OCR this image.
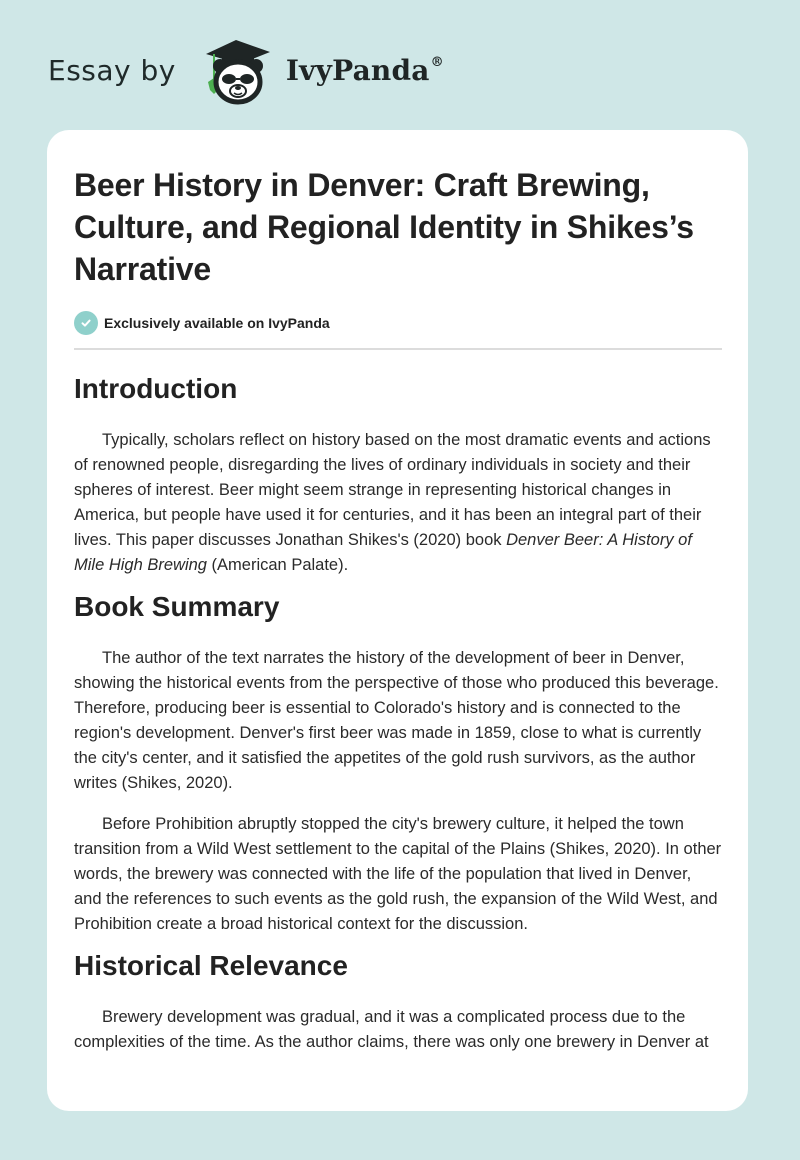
Essay by	IvyPanda®
Beer History in Denver: Craft Brewing, Culture, and Regional Identity in Shikes’s Narrative
Exclusively available on IvyPanda
Introduction

Typically, scholars reflect on history based on the most dramatic events and actions of renowned people, disregarding the lives of ordinary individuals in society and their spheres of interest. Beer might seem strange in representing historical changes in America, but people have used it for centuries, and it has been an integral part of their lives. This paper discusses Jonathan Shikes's (2020) book Denver Beer: A History of Mile High Brewing (American Palate).

Book Summary

The author of the text narrates the history of the development of beer in Denver, showing the historical events from the perspective of those who produced this beverage. Therefore, producing beer is essential to Colorado's history and is connected to the region's development. Denver's first beer was made in 1859, close to what is currently the city's center, and it satisfied the appetites of the gold rush survivors, as the author writes (Shikes, 2020).

Before Prohibition abruptly stopped the city's brewery culture, it helped the town transition from a Wild West settlement to the capital of the Plains (Shikes, 2020). In other words, the brewery was connected with the life of the population that lived in Denver, and the references to such events as the gold rush, the expansion of the Wild West, and Prohibition create a broad historical context for the discussion.

Historical Relevance

Brewery development was gradual, and it was a complicated process due to the complexities of the time. As the author claims, there was only one brewery in Denver at
